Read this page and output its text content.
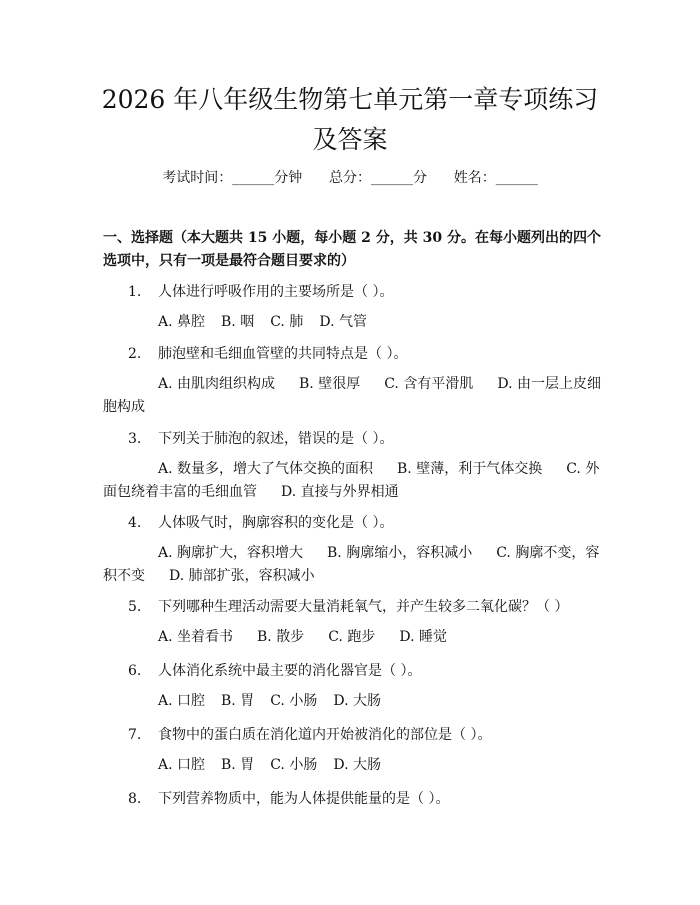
2026 年八年级生物第七单元第一章专项练习
及答案
考试时间：______分钟 总分：______分 姓名：______
一、选择题（本大题共 15 小题，每小题 2 分，共 30 分。在每小题列出的四个选项中，只有一项是最符合题目要求的）
1. 人体进行呼吸作用的主要场所是（ ）。
A. 鼻腔 B. 咽 C. 肺 D. 气管
2. 肺泡壁和毛细血管壁的共同特点是（ ）。
A. 由肌肉组织构成 B. 壁很厚 C. 含有平滑肌 D. 由一层上皮细胞构成
3. 下列关于肺泡的叙述，错误的是（ ）。
A. 数量多，增大了气体交换的面积 B. 壁薄，利于气体交换 C. 外面包绕着丰富的毛细血管 D. 直接与外界相通
4. 人体吸气时，胸廓容积的变化是（ ）。
A. 胸廓扩大，容积增大 B. 胸廓缩小，容积减小 C. 胸廓不变，容积不变 D. 肺部扩张，容积减小
5. 下列哪种生理活动需要大量消耗氧气，并产生较多二氧化碳？（ ）
A. 坐着看书 B. 散步 C. 跑步 D. 睡觉
6. 人体消化系统中最主要的消化器官是（ ）。
A. 口腔 B. 胃 C. 小肠 D. 大肠
7. 食物中的蛋白质在消化道内开始被消化的部位是（ ）。
A. 口腔 B. 胃 C. 小肠 D. 大肠
8. 下列营养物质中，能为人体提供能量的是（ ）。
